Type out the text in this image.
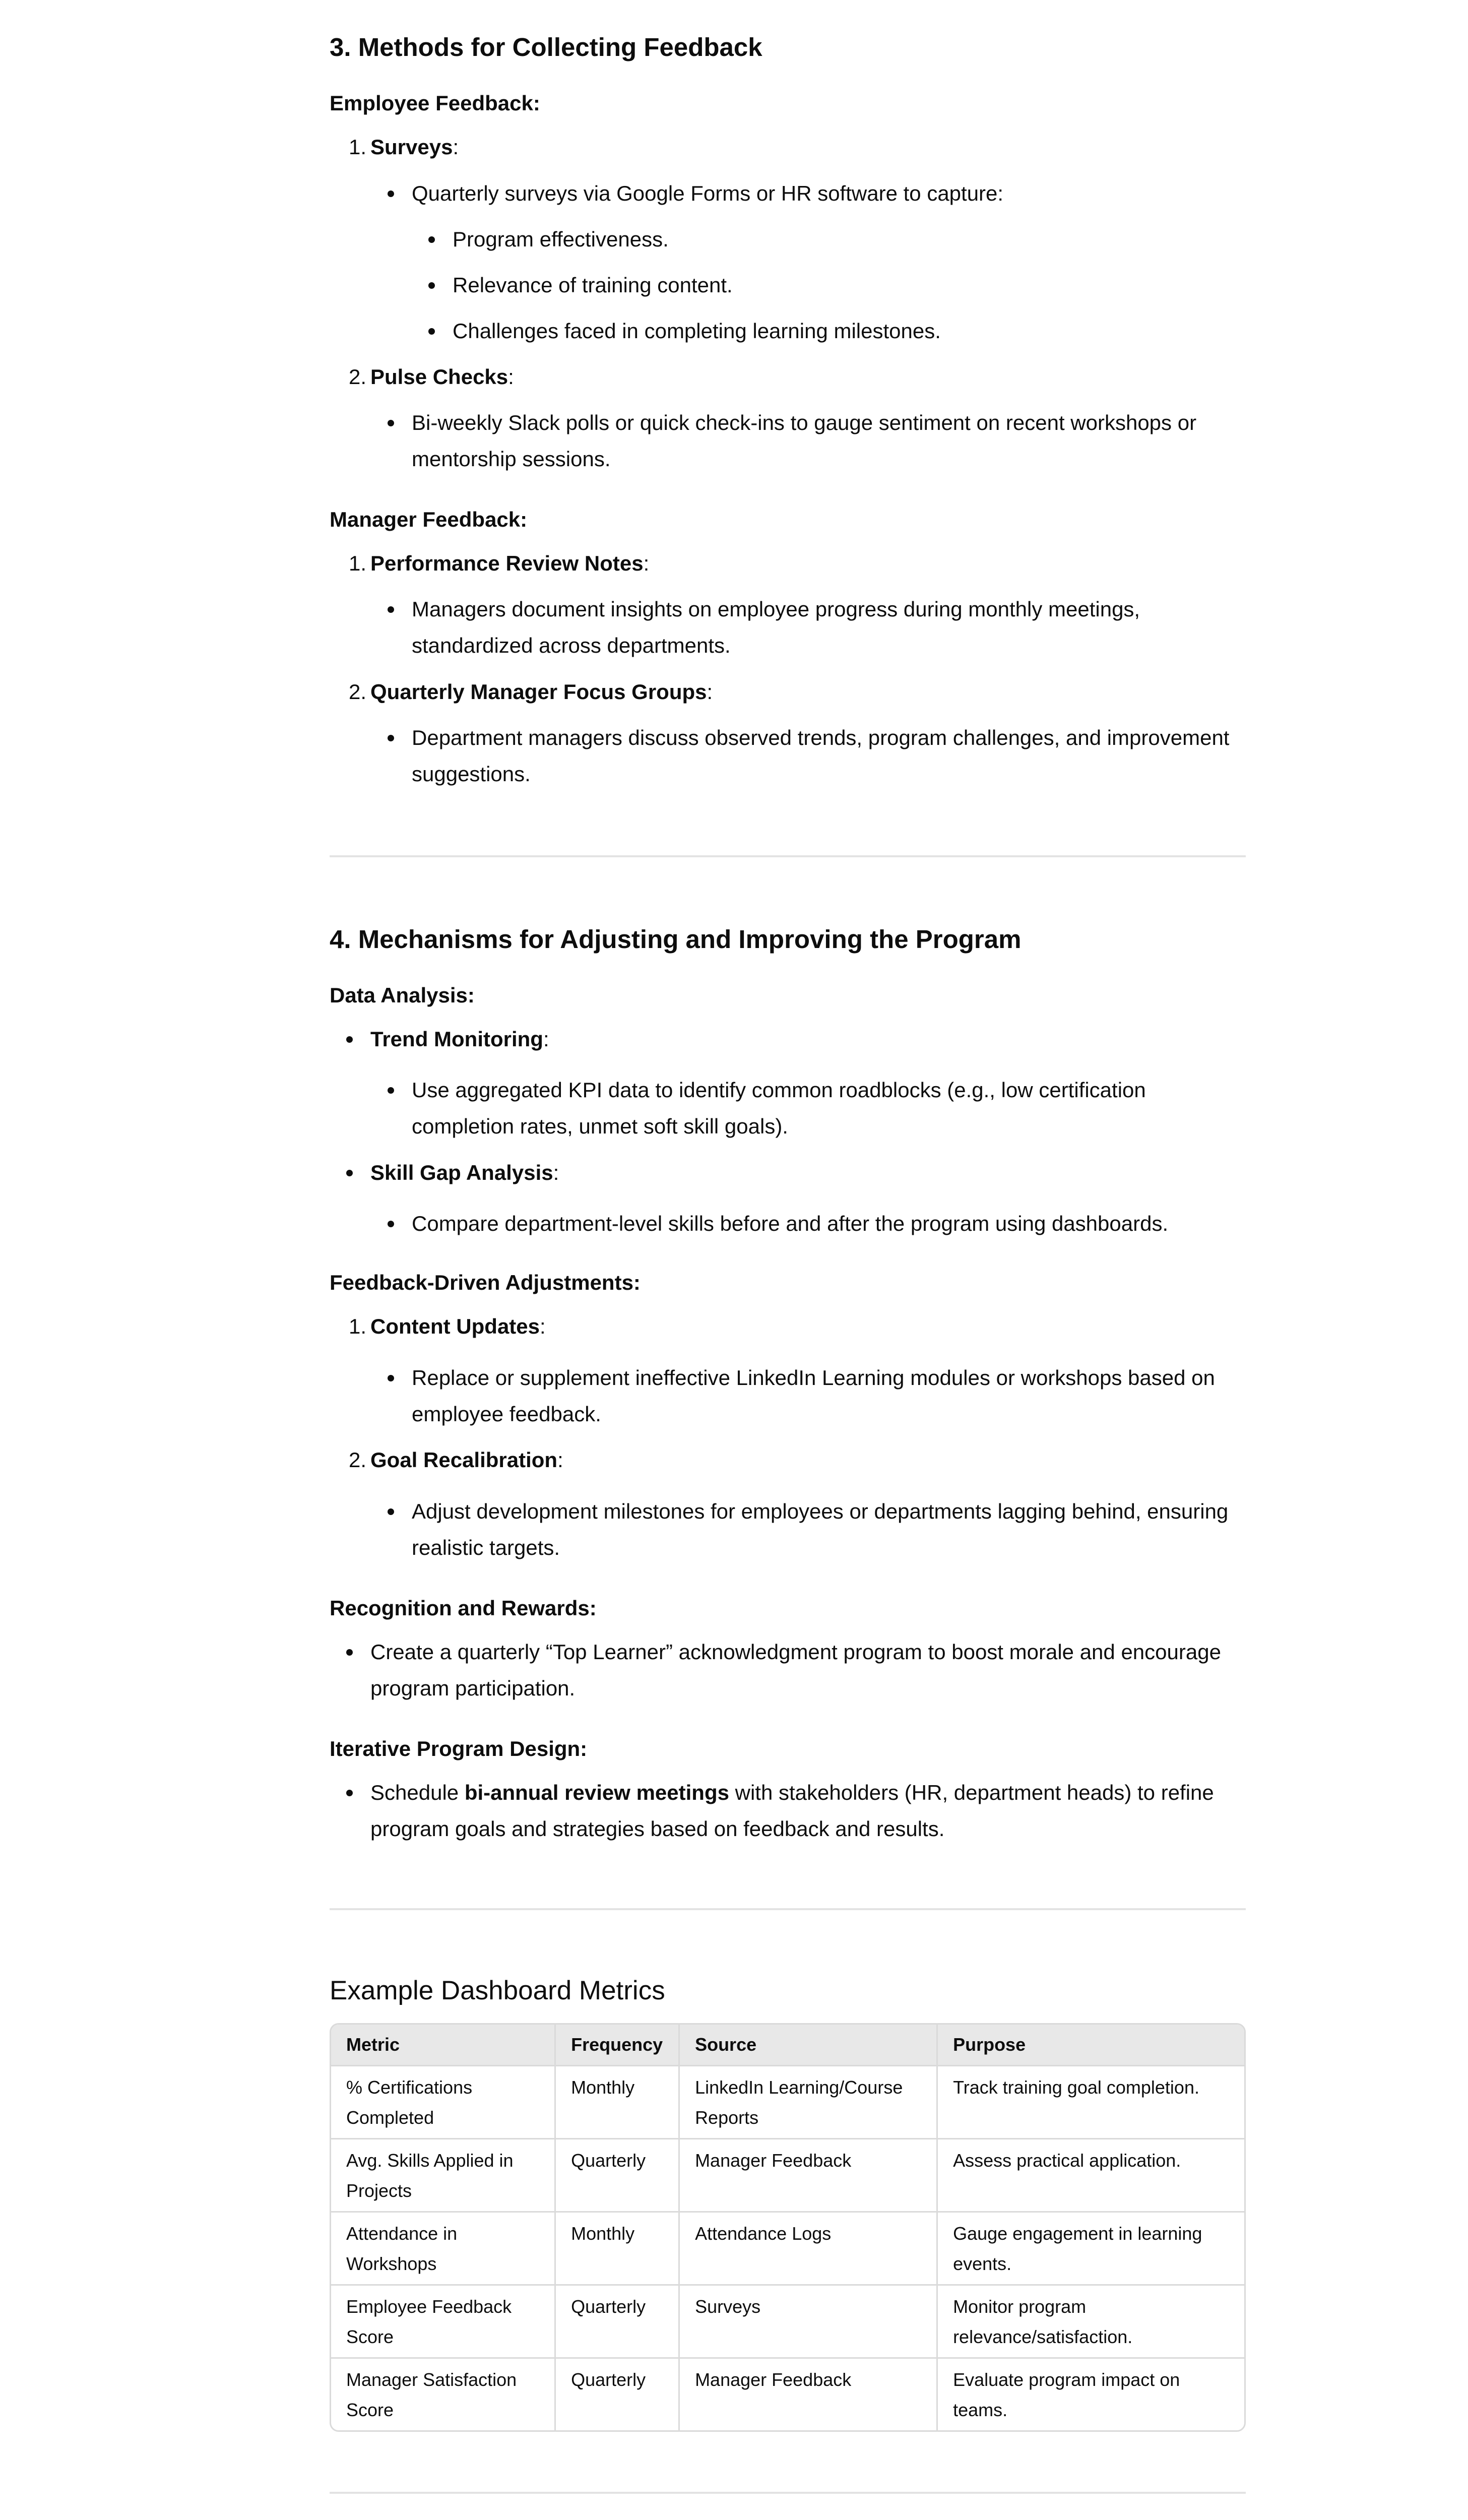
3. Methods for Collecting Feedback
Employee Feedback:
1. Surveys:
Quarterly surveys via Google Forms or HR software to capture:
Program effectiveness.
Relevance of training content.
Challenges faced in completing learning milestones.
2. Pulse Checks:
Bi-weekly Slack polls or quick check-ins to gauge sentiment on recent workshops or
mentorship sessions.
Manager Feedback:
1. Performance Review Notes:
Managers document insights on employee progress during monthly meetings,
standardized across departments.
2. Quarterly Manager Focus Groups:
Department managers discuss observed trends, program challenges, and improvement
suggestions.
4. Mechanisms for Adjusting and Improving the Program
Data Analysis:
Trend Monitoring:
Use aggregated KPI data to identify common roadblocks (e.g., low certification
completion rates, unmet soft skill goals).
Skill Gap Analysis:
Compare department-level skills before and after the program using dashboards.
Feedback-Driven Adjustments:
1. Content Updates:
Replace or supplement ineffective LinkedIn Learning modules or workshops based on
employee feedback.
2. Goal Recalibration:
Adjust development milestones for employees or departments lagging behind, ensuring
realistic targets.
Recognition and Rewards:
Create a quarterly “Top Learner” acknowledgment program to boost morale and encourage
program participation.
Iterative Program Design:
Schedule bi-annual review meetings with stakeholders (HR, department heads) to refine
program goals and strategies based on feedback and results.
Example Dashboard Metrics
Metric	Frequency	Source	Purpose
% Certifications
Completed	Monthly	LinkedIn Learning/Course
Reports	Track training goal completion.

Avg. Skills Applied in
Projects	Quarterly	Manager Feedback	Assess practical application.

Attendance in
Workshops	Monthly	Attendance Logs	Gauge engagement in learning
events.
Employee Feedback
Score	Quarterly	Surveys	Monitor program
relevance/satisfaction.
Manager Satisfaction
Score	Quarterly	Manager Feedback	Evaluate program impact on
teams.
